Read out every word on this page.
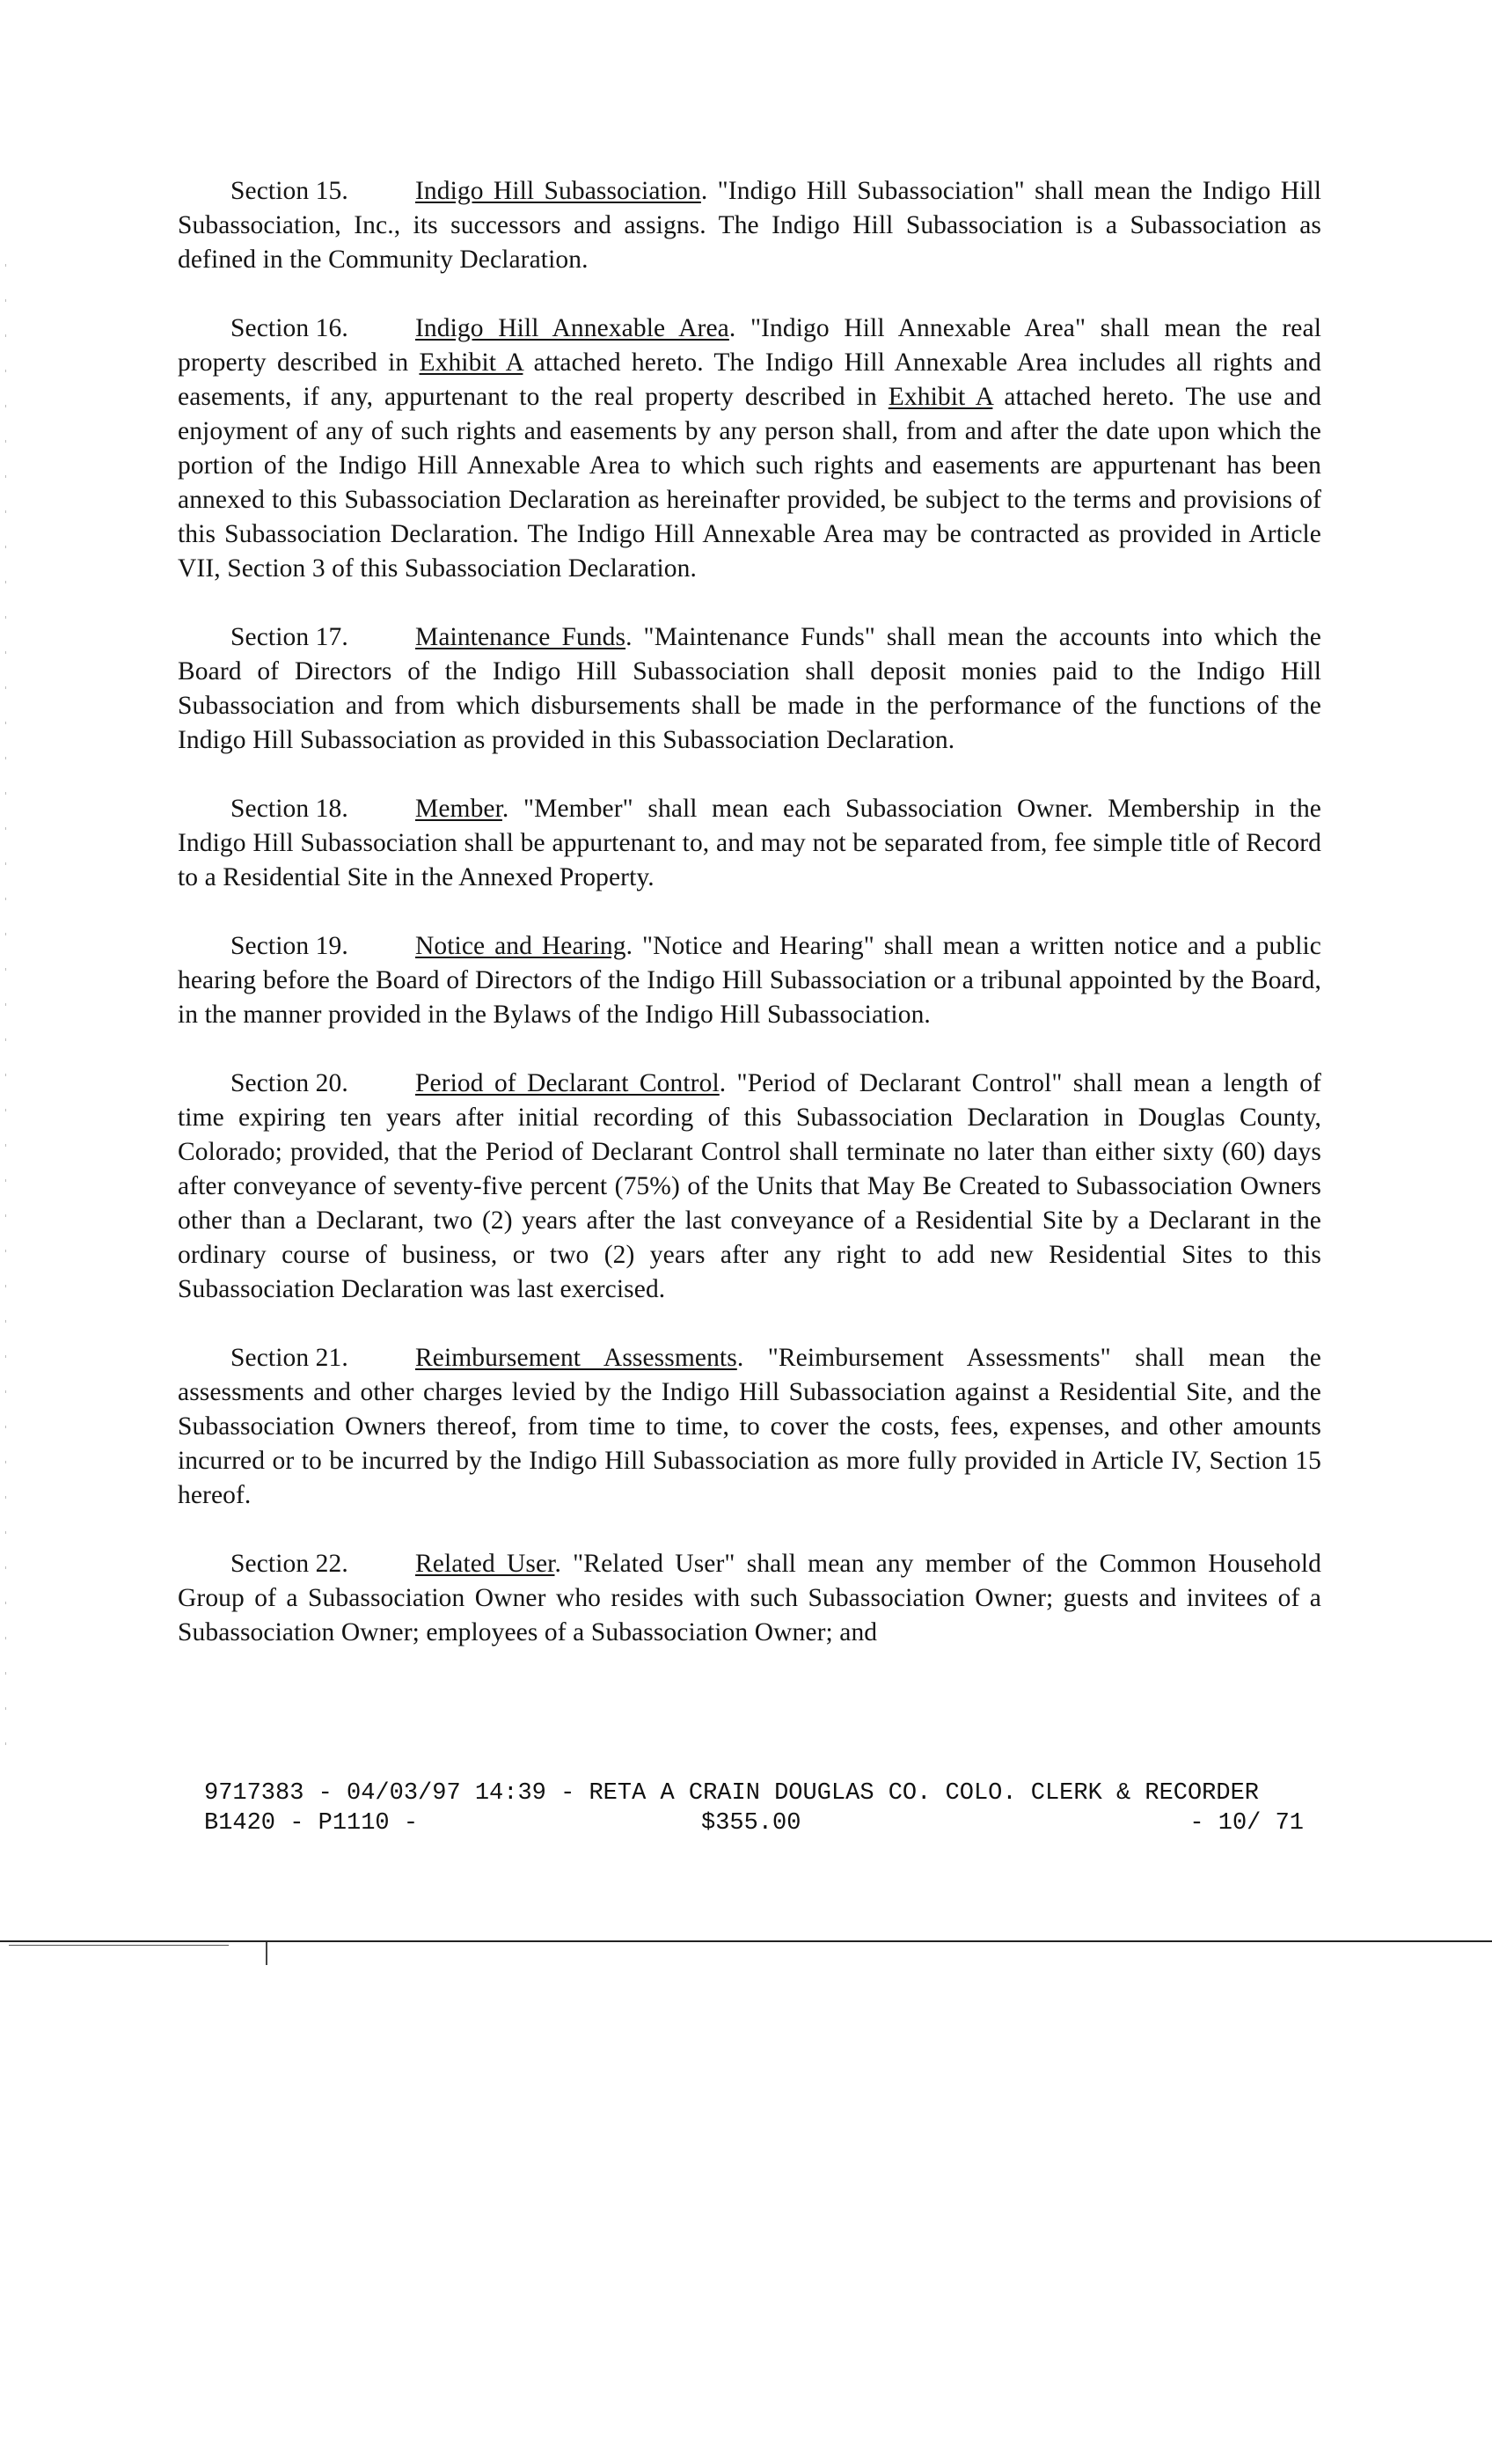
Section 15.	Indigo Hill Subassociation. "Indigo Hill Subassociation" shall mean the Indigo Hill Subassociation, Inc., its successors and assigns. The Indigo Hill Subassociation is a Subassociation as defined in the Community Declaration.

Section 16.	Indigo Hill Annexable Area. "Indigo Hill Annexable Area" shall mean the real property described in Exhibit A attached hereto. The Indigo Hill Annexable Area includes all rights and easements, if any, appurtenant to the real property described in Exhibit A attached hereto. The use and enjoyment of any of such rights and easements by any person shall, from and after the date upon which the portion of the Indigo Hill Annexable Area to which such rights and easements are appurtenant has been annexed to this Subassociation Declaration as hereinafter provided, be subject to the terms and provisions of this Subassociation Declaration. The Indigo Hill Annexable Area may be contracted as provided in Article VII, Section 3 of this Subassociation Declaration.

Section 17.	Maintenance Funds. "Maintenance Funds" shall mean the accounts into which the Board of Directors of the Indigo Hill Subassociation shall deposit monies paid to the Indigo Hill Subassociation and from which disbursements shall be made in the performance of the functions of the Indigo Hill Subassociation as provided in this Subassociation Declaration.

Section 18.	Member. "Member" shall mean each Subassociation Owner. Membership in the Indigo Hill Subassociation shall be appurtenant to, and may not be separated from, fee simple title of Record to a Residential Site in the Annexed Property.

Section 19.	Notice and Hearing. "Notice and Hearing" shall mean a written notice and a public hearing before the Board of Directors of the Indigo Hill Subassociation or a tribunal appointed by the Board, in the manner provided in the Bylaws of the Indigo Hill Subassociation.

Section 20.	Period of Declarant Control. "Period of Declarant Control" shall mean a length of time expiring ten years after initial recording of this Subassociation Declaration in Douglas County, Colorado; provided, that the Period of Declarant Control shall terminate no later than either sixty (60) days after conveyance of seventy-five percent (75%) of the Units that May Be Created to Subassociation Owners other than a Declarant, two (2) years after the last conveyance of a Residential Site by a Declarant in the ordinary course of business, or two (2) years after any right to add new Residential Sites to this Subassociation Declaration was last exercised.

Section 21.	Reimbursement Assessments. "Reimbursement Assessments" shall mean the assessments and other charges levied by the Indigo Hill Subassociation against a Residential Site, and the Subassociation Owners thereof, from time to time, to cover the costs, fees, expenses, and other amounts incurred or to be incurred by the Indigo Hill Subassociation as more fully provided in Article IV, Section 15 hereof.

Section 22.	Related User. "Related User" shall mean any member of the Common Household Group of a Subassociation Owner who resides with such Subassociation Owner; guests and invitees of a Subassociation Owner; employees of a Subassociation Owner; and

9717383 - 04/03/97 14:39 - RETA A CRAIN DOUGLAS CO. COLO. CLERK & RECORDER

B1420 - P1110 -

	$355.00

	- 10/ 71
